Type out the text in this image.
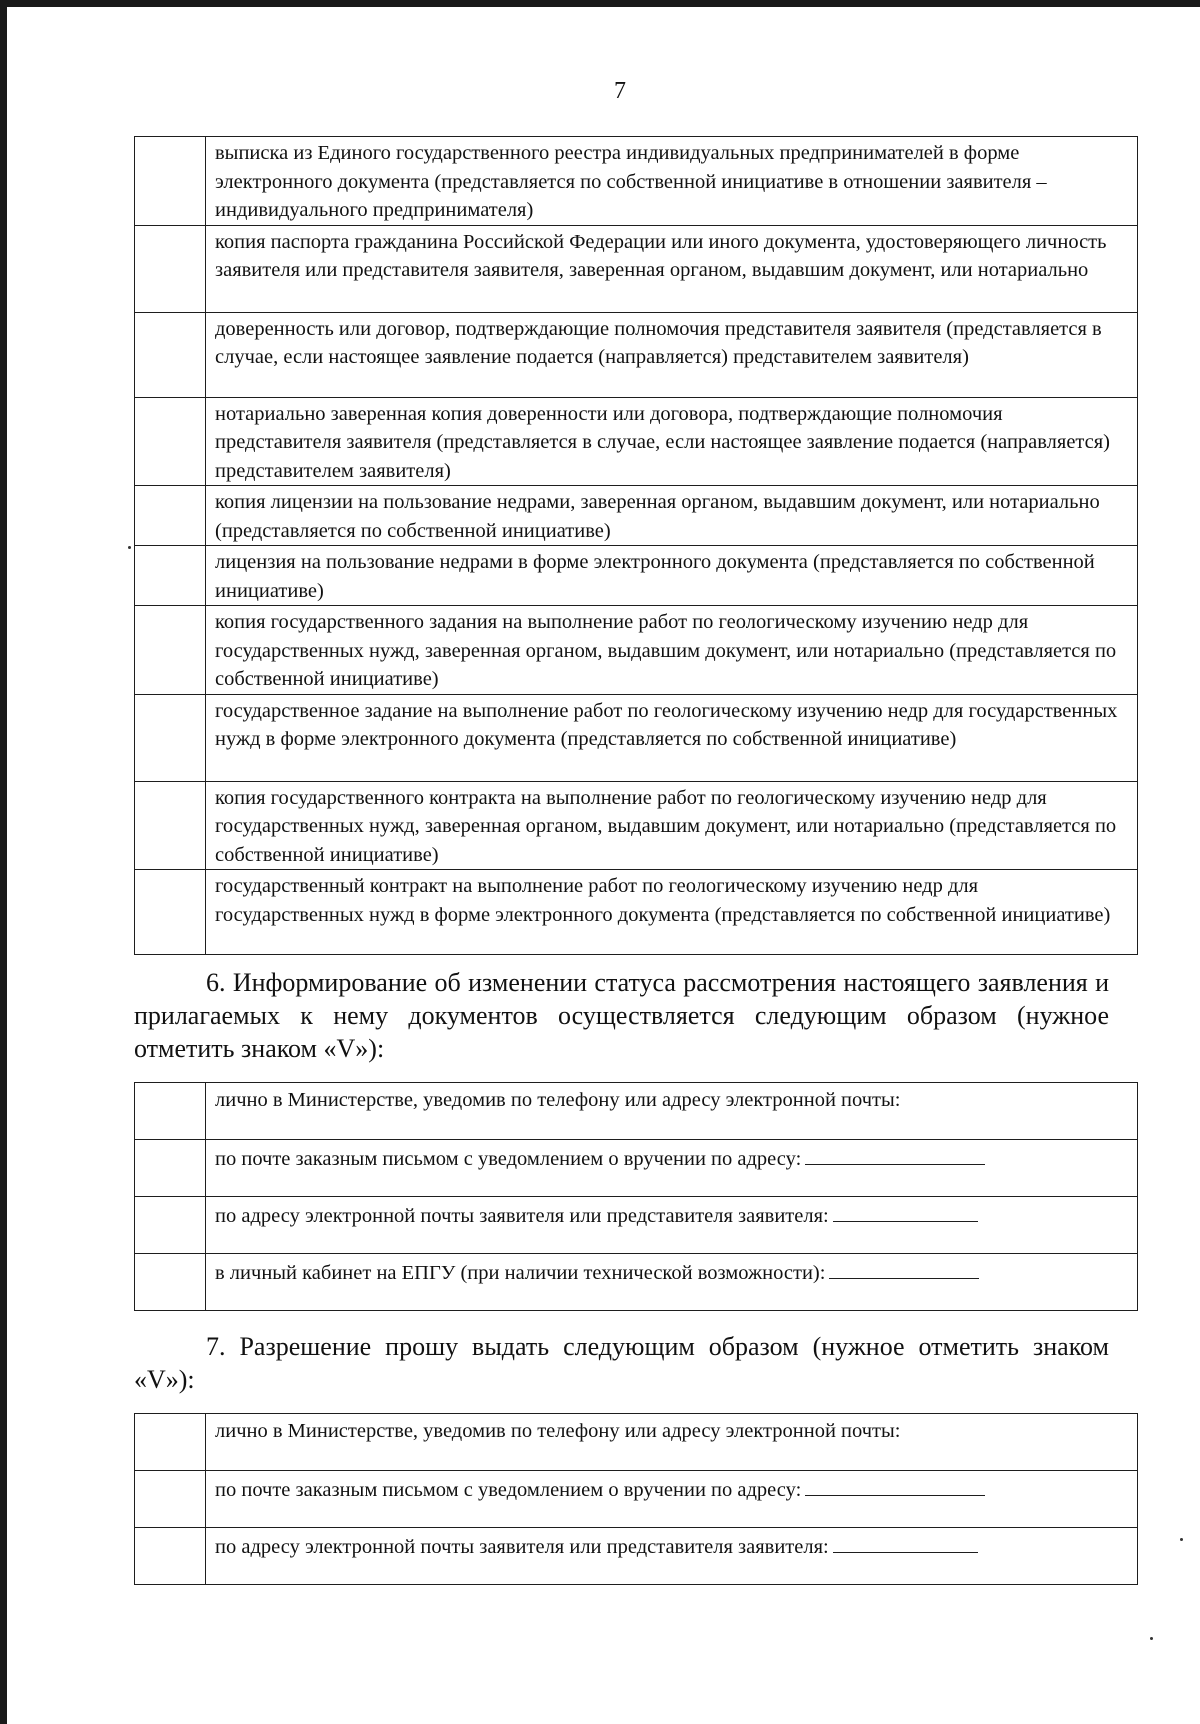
7
	выписка из Единого государственного реестра индивидуальных предпринимателей в форме электронного документа (представляется по собственной инициативе в отношении заявителя – индивидуального предпринимателя)
	копия паспорта гражданина Российской Федерации или иного документа, удостоверяющего личность заявителя или представителя заявителя, заверенная органом, выдавшим документ, или нотариально
	доверенность или договор, подтверждающие полномочия представителя заявителя (представляется в случае, если настоящее заявление подается (направляется) представителем заявителя)
	нотариально заверенная копия доверенности или договора, подтверждающие полномочия представителя заявителя (представляется в случае, если настоящее заявление подается (направляется) представителем заявителя)
	копия лицензии на пользование недрами, заверенная органом, выдавшим документ, или нотариально (представляется по собственной инициативе)
	лицензия на пользование недрами в форме электронного документа (представляется по собственной инициативе)
	копия государственного задания на выполнение работ по геологическому изучению недр для государственных нужд, заверенная органом, выдавшим документ, или нотариально (представляется по собственной инициативе)
	государственное задание на выполнение работ по геологическому изучению недр для государственных нужд в форме электронного документа (представляется по собственной инициативе)
	копия государственного контракта на выполнение работ по геологическому изучению недр для государственных нужд, заверенная органом, выдавшим документ, или нотариально (представляется по собственной инициативе)
	государственный контракт на выполнение работ по геологическому изучению недр для государственных нужд в форме электронного документа (представляется по собственной инициативе)
6. Информирование об изменении статуса рассмотрения настоящего заявления и прилагаемых к нему документов осуществляется следующим образом (нужное отметить знаком «V»):
	лично в Министерстве, уведомив по телефону или адресу электронной почты:
	по почте заказным письмом с уведомлением о вручении по адресу:
	по адресу электронной почты заявителя или представителя заявителя:
	в личный кабинет на ЕПГУ (при наличии технической возможности):
7. Разрешение прошу выдать следующим образом (нужное отметить знаком «V»):
	лично в Министерстве, уведомив по телефону или адресу электронной почты:
	по почте заказным письмом с уведомлением о вручении по адресу:
	по адресу электронной почты заявителя или представителя заявителя:
